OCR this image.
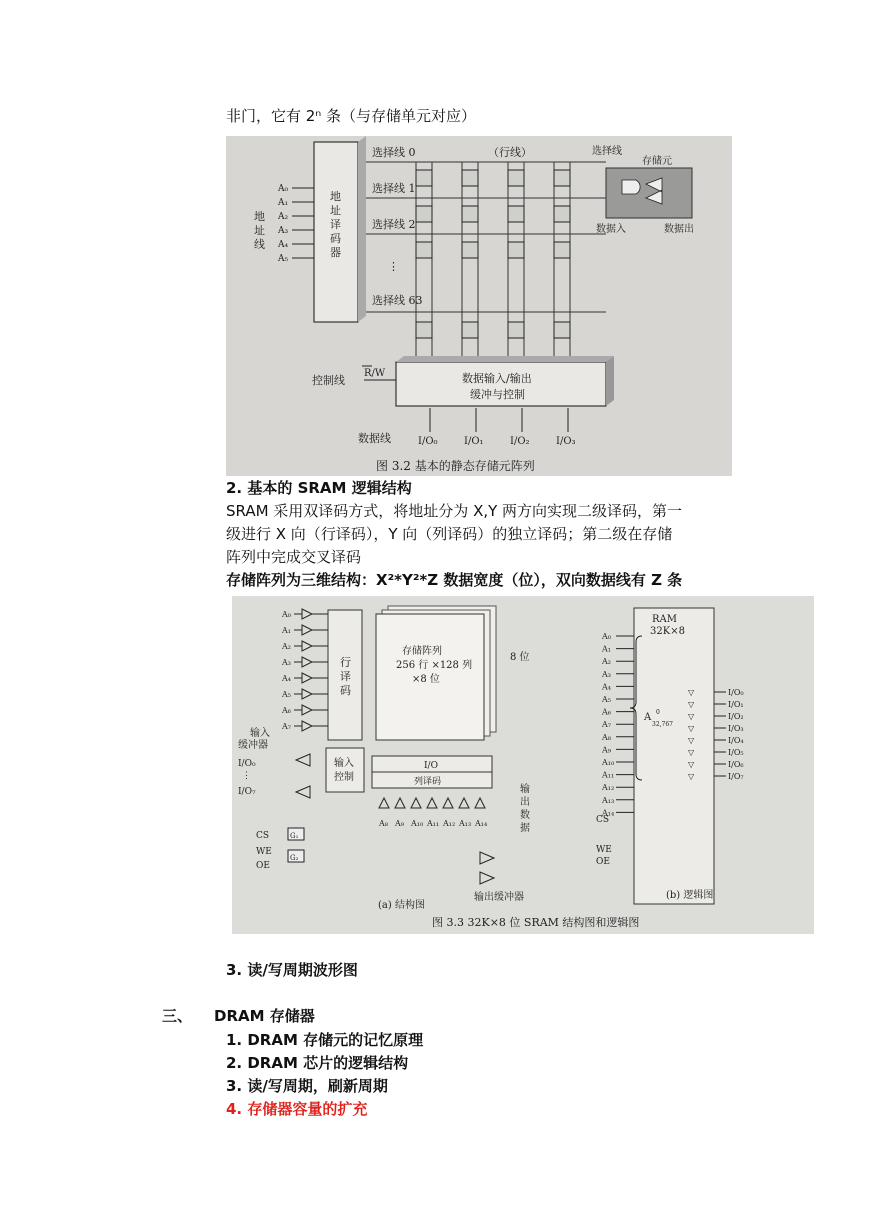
非门，它有 2ⁿ 条（与存储单元对应）
地址线
A₀
A₁
A₂
A₃
A₄
A₅
地址译码器
选择线 0
选择线 1
选择线 2
⋮
选择线 63
（行线）	选择线
存储元
数据入	数据出
R/W
控制线	数据输入/输出
缓冲与控制
数据线	I/O₀	I/O₁	I/O₂	I/O₃
图 3.2 基本的静态存储元阵列
2. 基本的 SRAM 逻辑结构
SRAM 采用双译码方式，将地址分为 X,Y 两方向实现二级译码，第一
级进行 X 向（行译码），Y 向（列译码）的独立译码；第二级在存储
阵列中完成交叉译码
存储阵列为三维结构：X²*Y²*Z 数据宽度（位），双向数据线有 Z 条
A₀
A₁
A₂
A₃
A₄
A₅
A₆
A₇
行译码
存储阵列
256 行 ×128 列
×8 位
8 位
输入缓冲器
I/O₀
⋮
I/O₇
输入控制
I/O
列译码
A₈ A₉ A₁₀ A₁₁ A₁₂ A₁₃ A₁₄
输出数据
输出缓冲器
CS
WE
OE
G₁
G₂
(a) 结构图
RAM
32K×8
A₀
A₁
A₂
A₃
A₄
A₅
A₆
A₇
A₈
A₉
A₁₀
A₁₁
A₁₂
A₁₃
A₁₄
A 0
32,767
▽	I/O₀
▽	I/O₁
▽	I/O₂
▽	I/O₃
▽	I/O₄
▽	I/O₅
▽	I/O₆
▽	I/O₇
CS
WE
OE
(b) 逻辑图
图 3.3 32K×8 位 SRAM 结构图和逻辑图
3. 读/写周期波形图
三、 DRAM 存储器
1. DRAM 存储元的记忆原理
2. DRAM 芯片的逻辑结构
3. 读/写周期，刷新周期
4. 存储器容量的扩充
